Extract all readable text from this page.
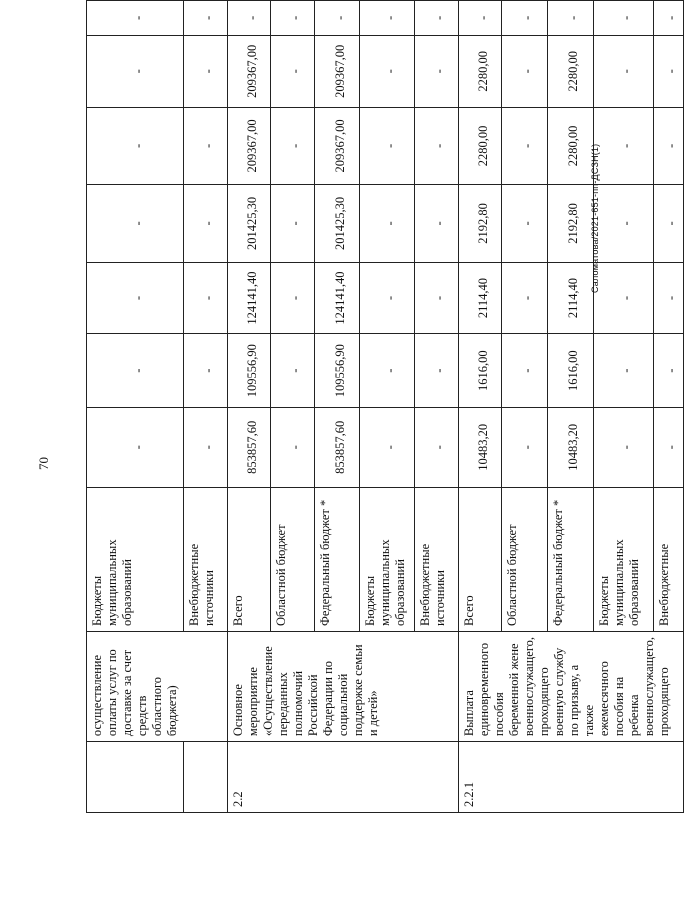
70
	осуществление оплаты услуг по доставке за счет средств областного бюджета)	Бюджеты муниципальных образований	-	-	-	-	-	-	-

		Внебюджетные источники	-	-	-	-	-	-	-

2.2	Основное мероприятие «Осуществление переданных полномочий Российской Федерации по социальной поддержке семьи и детей»	Всего	853857,60	109556,90	124141,40	201425,30	209367,00	209367,00	-

		Областной бюджет	-	-	-	-	-	-	-

		Федеральный бюджет *	853857,60	109556,90	124141,40	201425,30	209367,00	209367,00	-

		Бюджеты муниципальных образований	-	-	-	-	-	-	-

		Внебюджетные источники	-	-	-	-	-	-	-

2.2.1	Выплата единовременного пособия беременной жене военнослужащего, проходящего военную службу по призыву, а также ежемесячного пособия на ребенка военнослужащего, проходящего	Всего	10483,20	1616,00	2114,40	2192,80	2280,00	2280,00	-

		Областной бюджет	-	-	-	-	-	-	-

		Федеральный бюджет *	10483,20	1616,00	2114,40	2192,80	2280,00	2280,00	-

		Бюджеты муниципальных образований	-	-	-	-	-	-	-

		Внебюджетные	-	-	-	-	-	-	-
Саломатова/2021-651-пп-ДСЗН(1)
